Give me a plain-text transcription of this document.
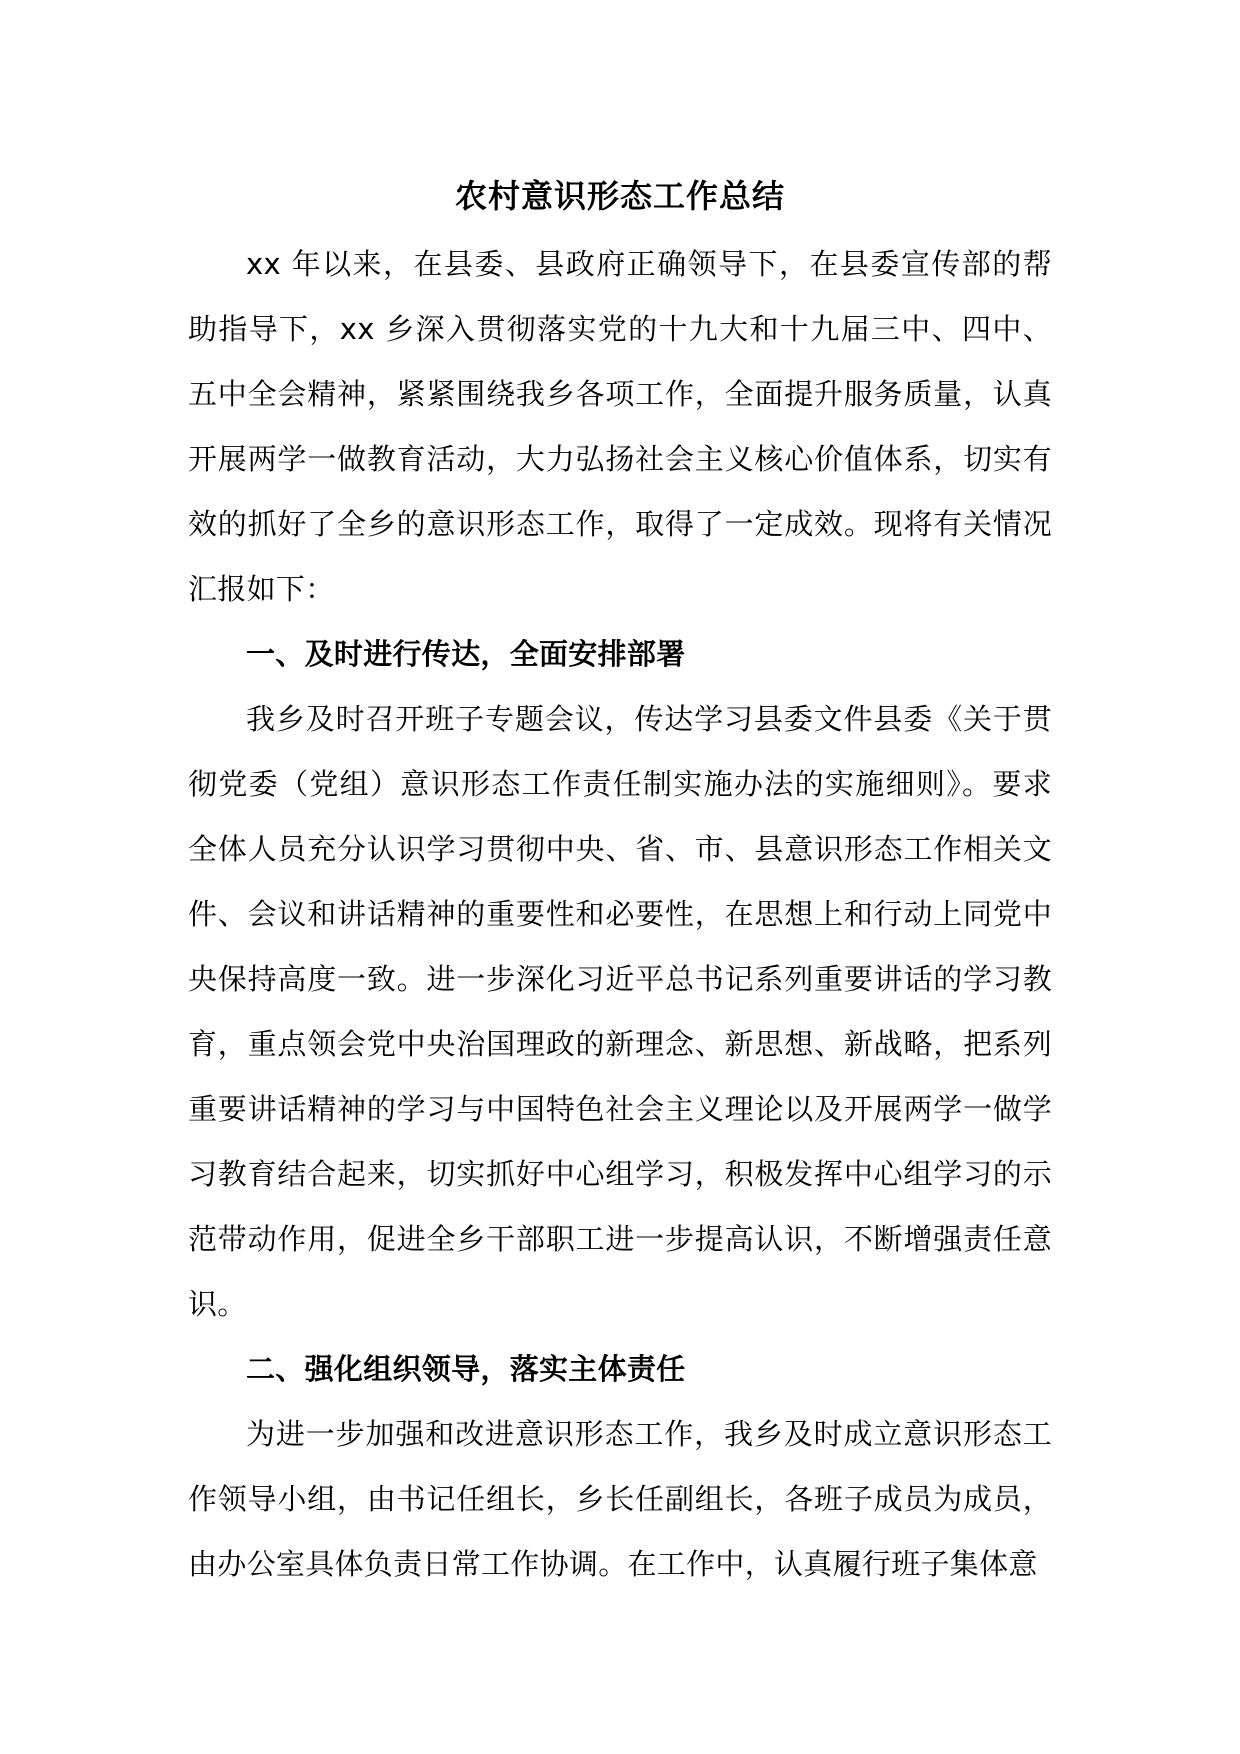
农村意识形态工作总结

xx 年以来，在县委、县政府正确领导下，在县委宣传部的帮助指导下，xx 乡深入贯彻落实党的十九大和十九届三中、四中、五中全会精神，紧紧围绕我乡各项工作，全面提升服务质量，认真开展两学一做教育活动，大力弘扬社会主义核心价值体系，切实有效的抓好了全乡的意识形态工作，取得了一定成效。现将有关情况汇报如下：

一、及时进行传达，全面安排部署

我乡及时召开班子专题会议，传达学习县委文件县委《关于贯彻党委（党组）意识形态工作责任制实施办法的实施细则》。要求全体人员充分认识学习贯彻中央、省、市、县意识形态工作相关文件、会议和讲话精神的重要性和必要性，在思想上和行动上同党中央保持高度一致。进一步深化习近平总书记系列重要讲话的学习教育，重点领会党中央治国理政的新理念、新思想、新战略，把系列重要讲话精神的学习与中国特色社会主义理论以及开展两学一做学习教育结合起来，切实抓好中心组学习，积极发挥中心组学习的示范带动作用，促进全乡干部职工进一步提高认识，不断增强责任意识。

二、强化组织领导，落实主体责任

为进一步加强和改进意识形态工作，我乡及时成立意识形态工作领导小组，由书记任组长，乡长任副组长，各班子成员为成员，由办公室具体负责日常工作协调。在工作中，认真履行班子集体意
